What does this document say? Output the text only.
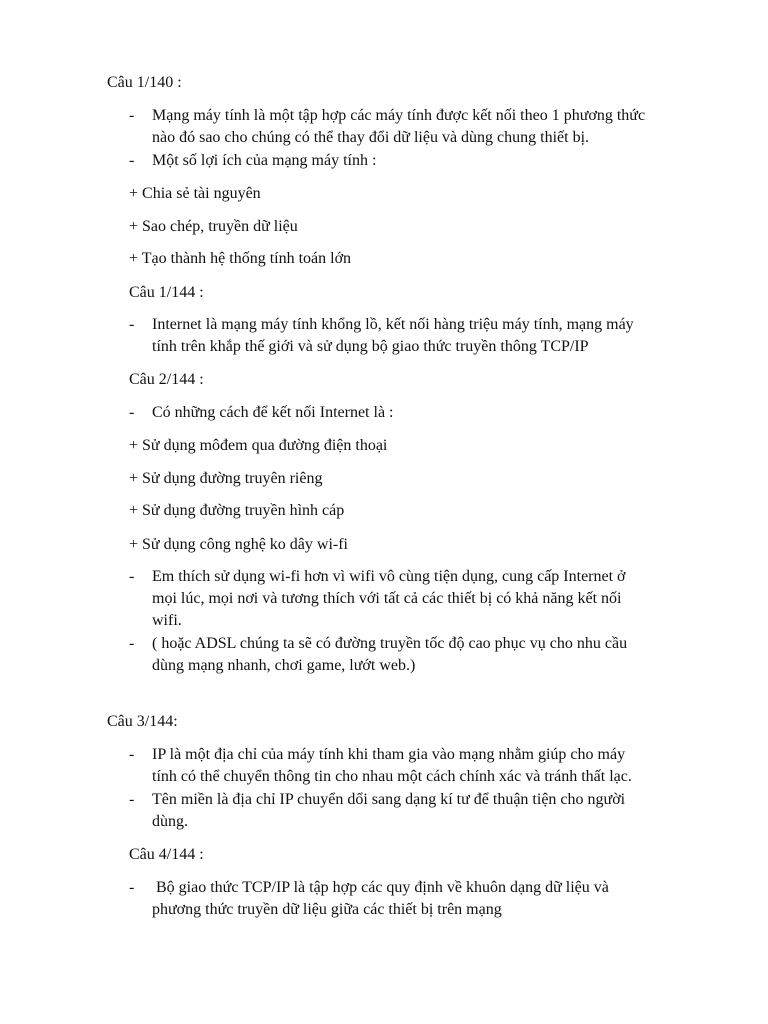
Câu 1/140 :
- Mạng máy tính là một tập hợp các máy tính được kết nối theo 1 phương thức
nào đó sao cho chúng có thể thay đổi dữ liệu và dùng chung thiết bị.
- Một số lợi ích của mạng máy tính :
+ Chia sẻ tài nguyên
+ Sao chép, truyền dữ liệu
+ Tạo thành hệ thống tính toán lớn
Câu 1/144 :
- Internet là mạng máy tính khổng lồ, kết nối hàng triệu máy tính, mạng máy
tính trên khắp thế giới và sử dụng bộ giao thức truyền thông TCP/IP
Câu 2/144 :
- Có những cách để kết nối Internet là :
+ Sử dụng môđem qua đường điện thoại
+ Sử dụng đường truyên riêng
+ Sử dụng đường truyền hình cáp
+ Sử dụng công nghệ ko dây wi-fi
- Em thích sử dụng wi-fi hơn vì wifi vô cùng tiện dụng, cung cấp Internet ở
mọi lúc, mọi nơi và tương thích với tất cả các thiết bị có khả năng kết nối
wifi.
- ( hoặc ADSL chúng ta sẽ có đường truyền tốc độ cao phục vụ cho nhu cầu
dùng mạng nhanh, chơi game, lướt web.)
Câu 3/144:
- IP là một địa chỉ của máy tính khi tham gia vào mạng nhằm giúp cho máy
tính có thể chuyển thông tin cho nhau một cách chính xác và tránh thất lạc.
- Tên miền là địa chỉ IP chuyển dổi sang dạng kí tư để thuận tiện cho người
dùng.
Câu 4/144 :
- Bộ giao thức TCP/IP là tập hợp các quy định về khuôn dạng dữ liệu và
phương thức truyền dữ liệu giữa các thiết bị trên mạng
